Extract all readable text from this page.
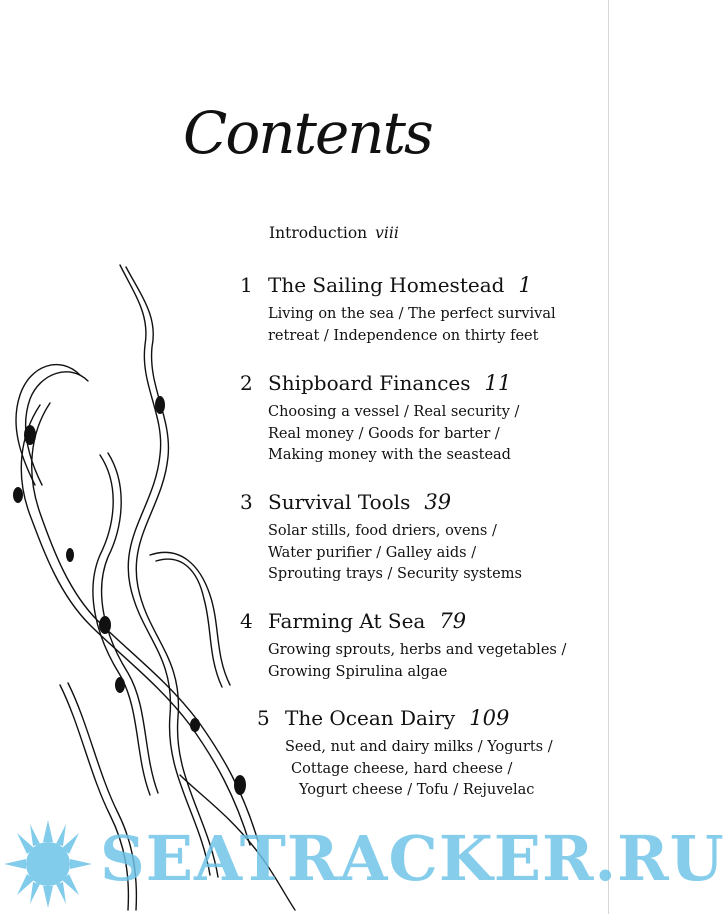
Contents
Introduction viii
1 The Sailing Homestead 1
Living on the sea / The perfect survival
retreat / Independence on thirty feet
2 Shipboard Finances 11
Choosing a vessel / Real security /
Real money / Goods for barter /
Making money with the seastead
3 Survival Tools 39
Solar stills, food driers, ovens /
Water purifier / Galley aids /
Sprouting trays / Security systems
4 Farming At Sea 79
Growing sprouts, herbs and vegetables /
Growing Spirulina algae
5 The Ocean Dairy 109
Seed, nut and dairy milks / Yogurts /
Cottage cheese, hard cheese /
Yogurt cheese / Tofu / Rejuvelac
SEATRACKER.RU
